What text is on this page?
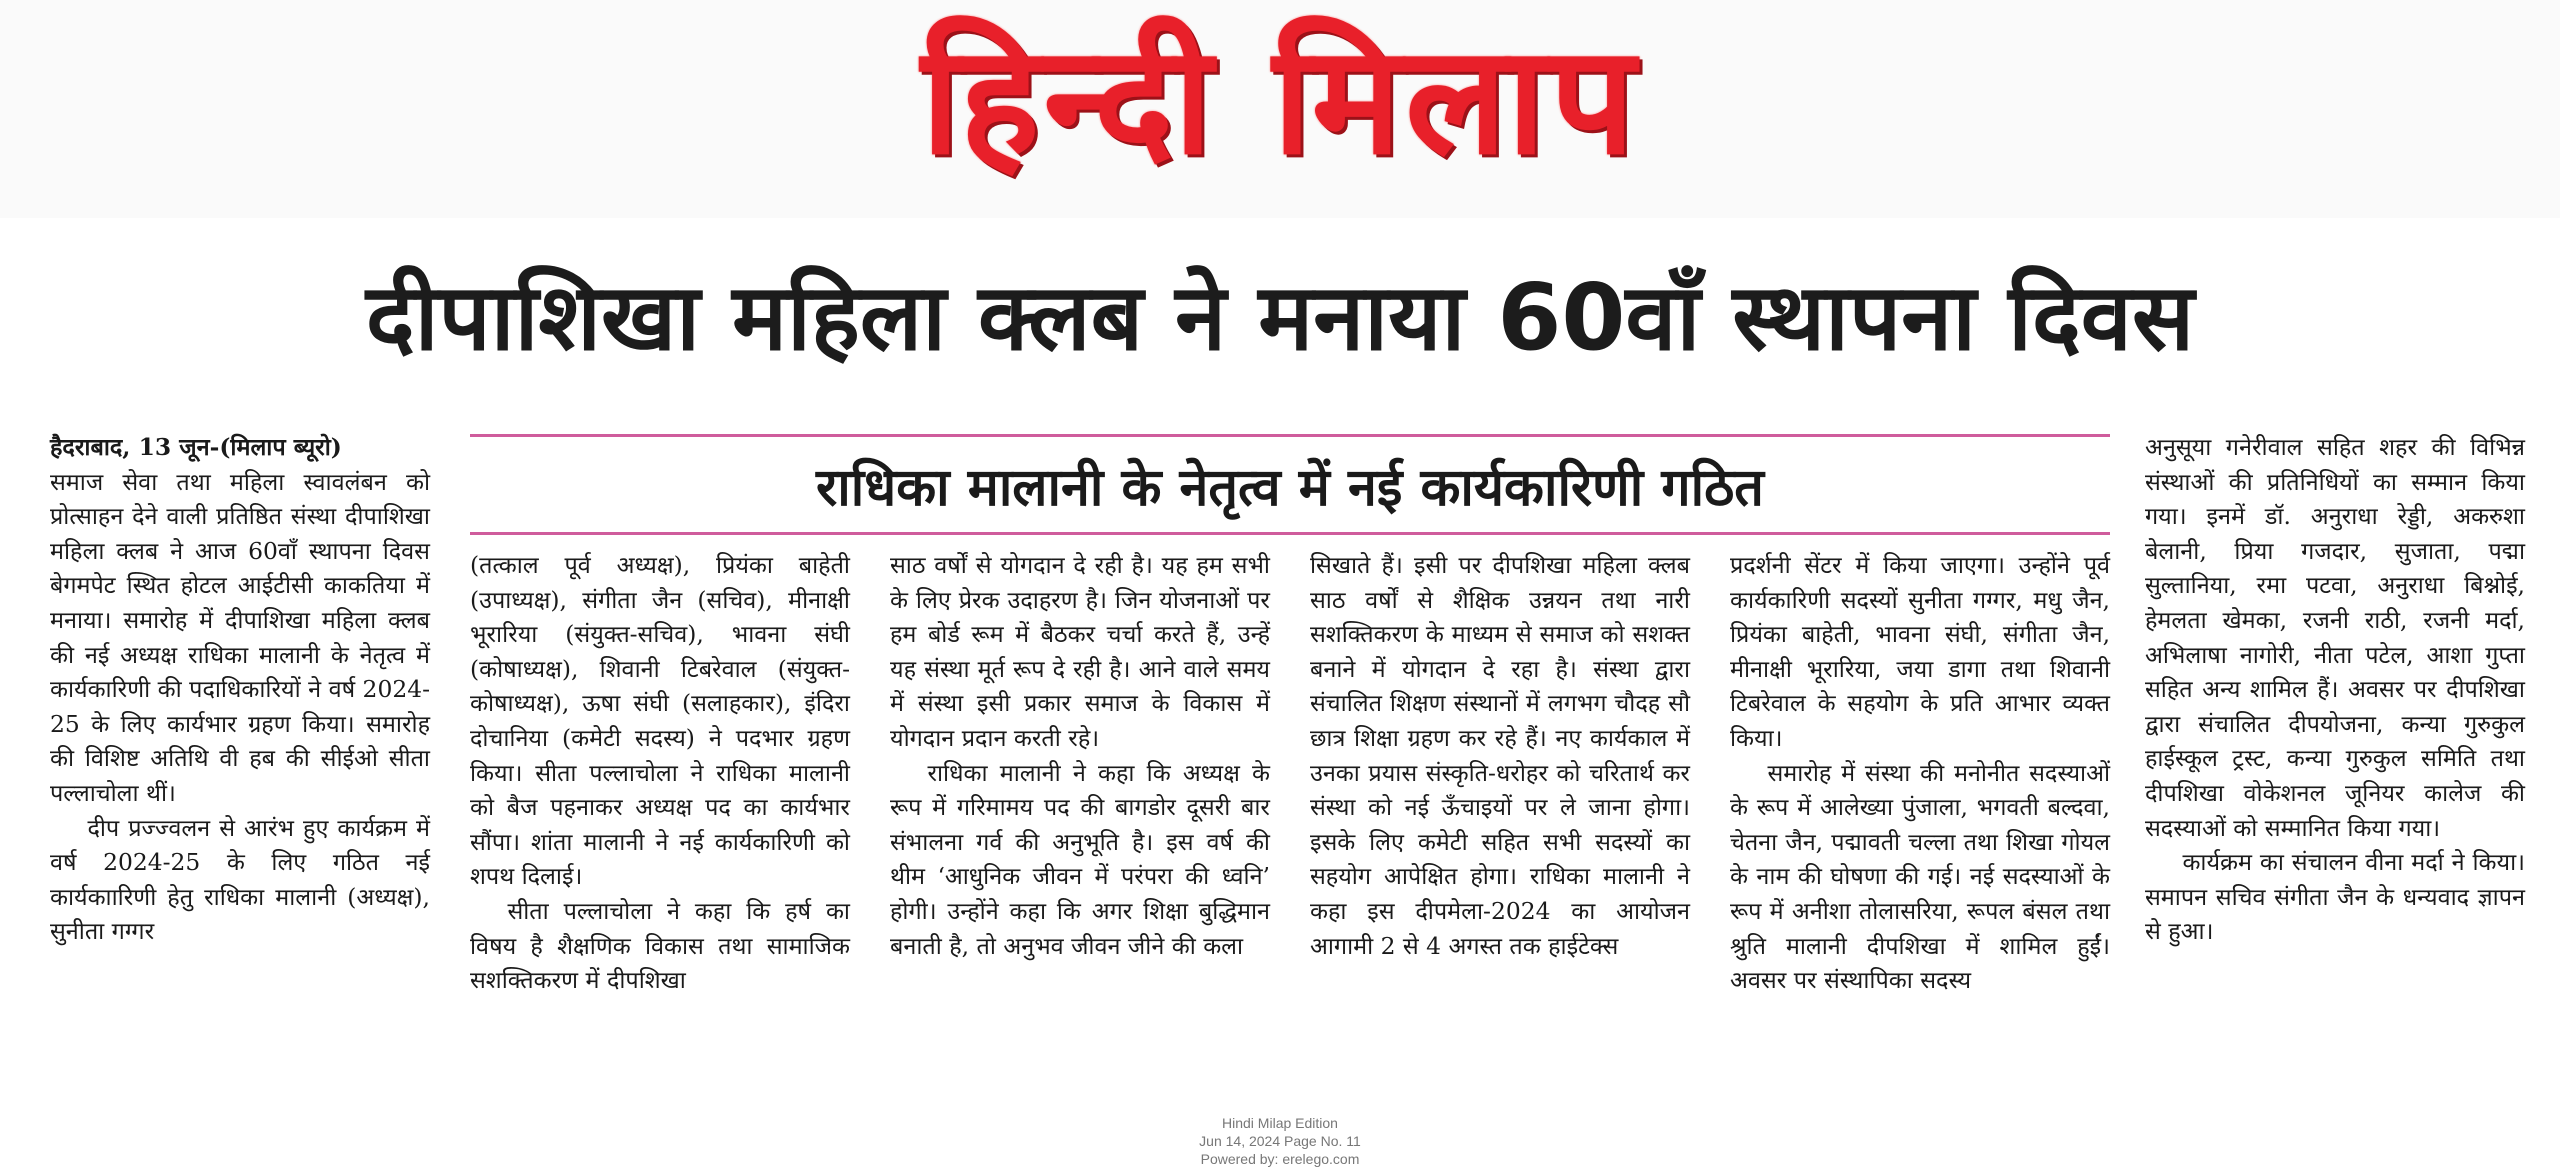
हिन्दी मिलाप
दीपाशिखा महिला क्लब ने मनाया 60वाँ स्थापना दिवस
राधिका मालानी के नेतृत्व में नई कार्यकारिणी गठित

हैदराबाद, 13 जून-(मिलाप ब्यूरो)

समाज सेवा तथा महिला स्वावलंबन को प्रोत्साहन देने वाली प्रतिष्ठित संस्था दीपाशिखा महिला क्लब ने आज 60वाँ स्थापना दिवस बेगमपेट स्थित होटल आईटीसी काकतिया में मनाया। समारोह में दीपाशिखा महिला क्लब की नई अध्यक्ष राधिका मालानी के नेतृत्व में कार्यकारिणी की पदाधिकारियों ने वर्ष 2024-25 के लिए कार्यभार ग्रहण किया। समारोह की विशिष्ट अतिथि वी हब की सीईओ सीता पल्लाचोला थीं।

दीप प्रज्ज्वलन से आरंभ हुए कार्यक्रम में वर्ष 2024-25 के लिए गठित नई कार्यकाारिणी हेतु राधिका मालानी (अध्यक्ष), सुनीता गग्गर

(तत्काल पूर्व अध्यक्ष), प्रियंका बाहेती (उपाध्यक्ष), संगीता जैन (सचिव), मीनाक्षी भूरारिया (संयुक्त-सचिव), भावना संघी (कोषाध्यक्ष), शिवानी टिबरेवाल (संयुक्त-कोषाध्यक्ष), ऊषा संघी (सलाहकार), इंदिरा दोचानिया (कमेटी सदस्य) ने पदभार ग्रहण किया। सीता पल्लाचोला ने राधिका मालानी को बैज पहनाकर अध्यक्ष पद का कार्यभार सौंपा। शांता मालानी ने नई कार्यकारिणी को शपथ दिलाई।

सीता पल्लाचोला ने कहा कि हर्ष का विषय है शैक्षणिक विकास तथा सामाजिक सशक्तिकरण में दीपशिखा

साठ वर्षों से योगदान दे रही है। यह हम सभी के लिए प्रेरक उदाहरण है। जिन योजनाओं पर हम बोर्ड रूम में बैठकर चर्चा करते हैं, उन्हें यह संस्था मूर्त रूप दे रही है। आने वाले समय में संस्था इसी प्रकार समाज के विकास में योगदान प्रदान करती रहे।

राधिका मालानी ने कहा कि अध्यक्ष के रूप में गरिमामय पद की बागडोर दूसरी बार संभालना गर्व की अनुभूति है। इस वर्ष की थीम ‘आधुनिक जीवन में परंपरा की ध्वनि’ होगी। उन्होंने कहा कि अगर शिक्षा बुद्धिमान बनाती है, तो अनुभव जीवन जीने की कला

सिखाते हैं। इसी पर दीपशिखा महिला क्लब साठ वर्षों से शैक्षिक उन्नयन तथा नारी सशक्तिकरण के माध्यम से समाज को सशक्त बनाने में योगदान दे रहा है। संस्था द्वारा संचालित शिक्षण संस्थानों में लगभग चौदह सौ छात्र शिक्षा ग्रहण कर रहे हैं। नए कार्यकाल में उनका प्रयास संस्कृति-धरोहर को चरितार्थ कर संस्था को नई ऊँचाइयों पर ले जाना होगा। इसके लिए कमेटी सहित सभी सदस्यों का सहयोग आपेक्षित होगा। राधिका मालानी ने कहा इस दीपमेला-2024 का आयोजन आगामी 2 से 4 अगस्त तक हाईटेक्स

प्रदर्शनी सेंटर में किया जाएगा। उन्होंने पूर्व कार्यकारिणी सदस्यों सुनीता गग्गर, मधु जैन, प्रियंका बाहेती, भावना संघी, संगीता जैन, मीनाक्षी भूरारिया, जया डागा तथा शिवानी टिबरेवाल के सहयोग के प्रति आभार व्यक्त किया।

समारोह में संस्था की मनोनीत सदस्याओं के रूप में आलेख्या पुंजाला, भगवती बल्दवा, चेतना जैन, पद्मावती चल्ला तथा शिखा गोयल के नाम की घोषणा की गई। नई सदस्याओं के रूप में अनीशा तोलासरिया, रूपल बंसल तथा श्रुति मालानी दीपशिखा में शामिल हुईं। अवसर पर संस्थापिका सदस्य

अनुसूया गनेरीवाल सहित शहर की विभिन्न संस्थाओं की प्रतिनिधियों का सम्मान किया गया। इनमें डॉ. अनुराधा रेड्डी, अकरुशा बेलानी, प्रिया गजदार, सुजाता, पद्मा सुल्तानिया, रमा पटवा, अनुराधा बिश्नोई, हेमलता खेमका, रजनी राठी, रजनी मर्दा, अभिलाषा नागोरी, नीता पटेल, आशा गुप्ता सहित अन्य शामिल हैं। अवसर पर दीपशिखा द्वारा संचालित दीपयोजना, कन्या गुरुकुल हाईस्कूल ट्रस्ट, कन्या गुरुकुल समिति तथा दीपशिखा वोकेशनल जूनियर कालेज की सदस्याओं को सम्मानित किया गया।

कार्यक्रम का संचालन वीना मर्दा ने किया। समापन सचिव संगीता जैन के धन्यवाद ज्ञापन से हुआ।

Hindi Milap Edition
Jun 14, 2024 Page No. 11
Powered by: erelego.com
